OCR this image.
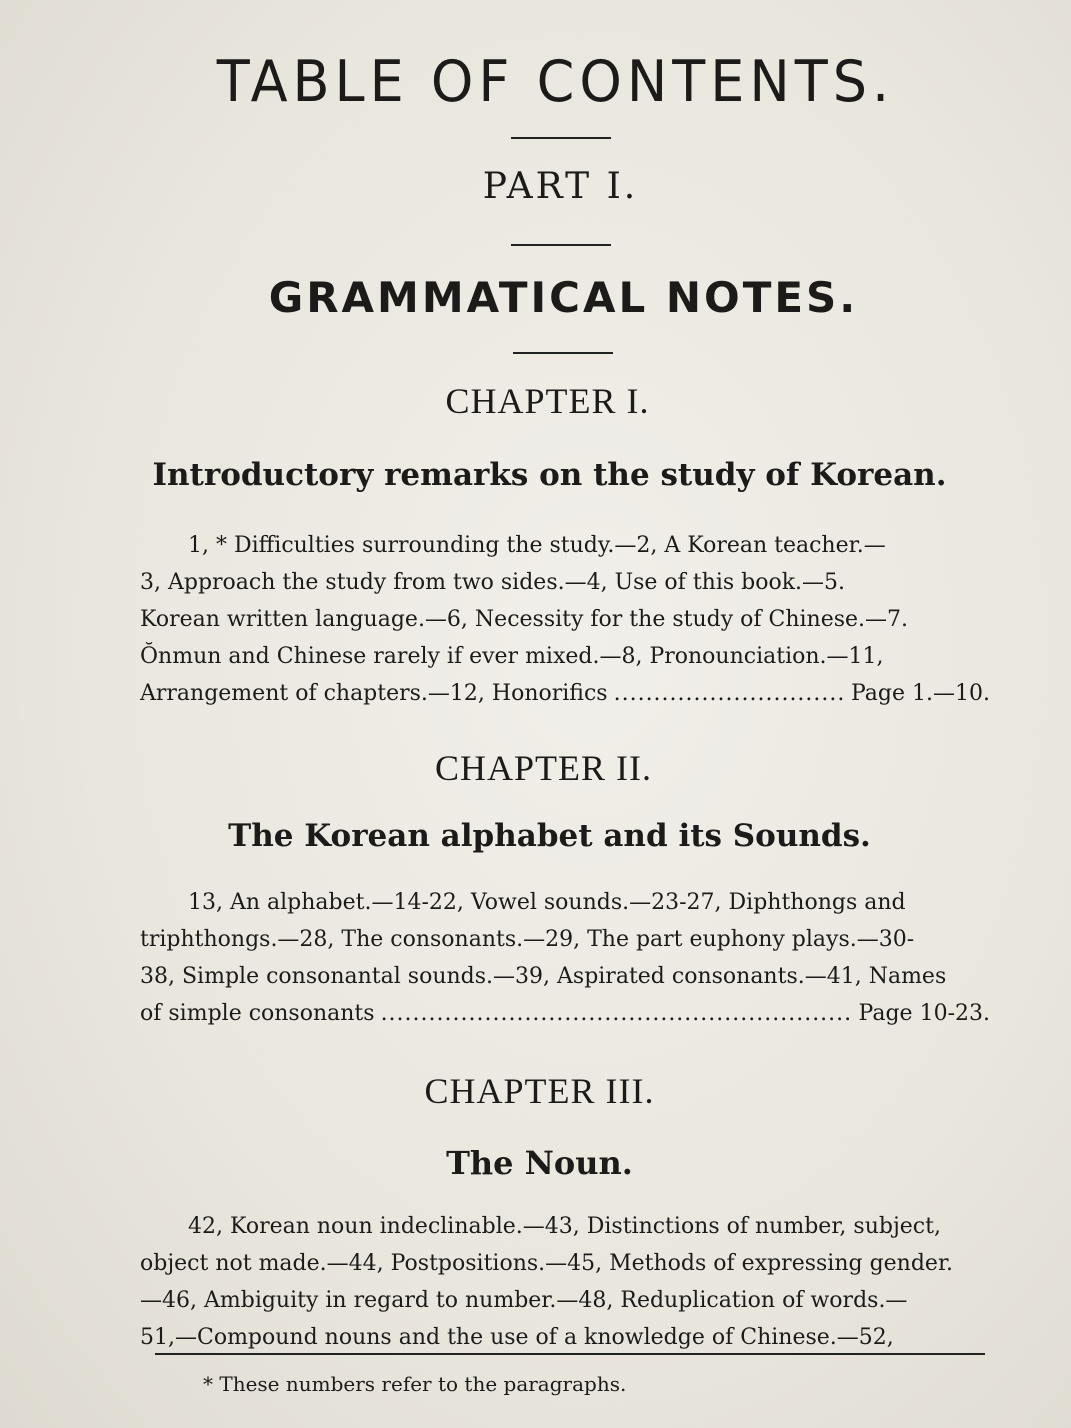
TABLE OF CONTENTS.
PART I.
GRAMMATICAL NOTES.
CHAPTER I.
Introductory remarks on the study of Korean.
1, * Difficulties surrounding the study.—2, A Korean teacher.—
3, Approach the study from two sides.—4, Use of this book.—5.
Korean written language.—6, Necessity for the study of Chinese.—7.
Ŏnmun and Chinese rarely if ever mixed.—8, Pronounciation.—11,
Arrangement of chapters.—12, Honorifics .....	Page 1.—10.
CHAPTER II.
The Korean alphabet and its Sounds.
13, An alphabet.—14-22, Vowel sounds.—23-27, Diphthongs and
triphthongs.—28, The consonants.—29, The part euphony plays.—30-
38, Simple consonantal sounds.—39, Aspirated consonants.—41, Names
of simple consonants .....	Page 10-23.
CHAPTER III.
The Noun.
42, Korean noun indeclinable.—43, Distinctions of number, subject,
object not made.—44, Postpositions.—45, Methods of expressing gender.
—46, Ambiguity in regard to number.—48, Reduplication of words.—
51,—Compound nouns and the use of a knowledge of Chinese.—52,
* These numbers refer to the paragraphs.
